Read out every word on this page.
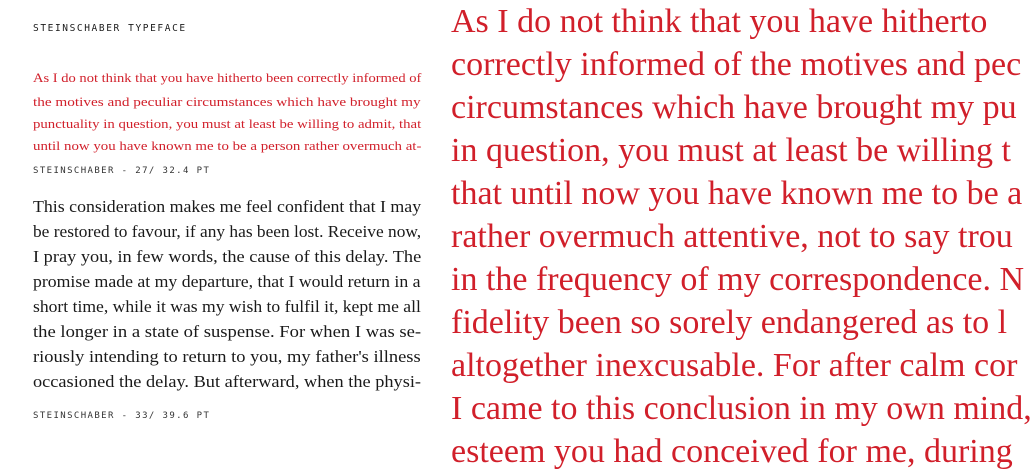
STEINSCHABER TYPEFACE
As I do not think that you have hitherto been correctly informed of
the motives and peculiar circumstances which have brought my
punctuality in question, you must at least be willing to admit, that
until now you have known me to be a person rather overmuch at-
STEINSCHABER - 27/ 32.4 PT
This consideration makes me feel confident that I may
be restored to favour, if any has been lost. Receive now,
I pray you, in few words, the cause of this delay. The
promise made at my departure, that I would return in a
short time, while it was my wish to fulfil it, kept me all
the longer in a state of suspense. For when I was se-
riously intending to return to you, my father's illness
occasioned the delay. But afterward, when the physi-
STEINSCHABER - 33/ 39.6 PT
As I do not think that you have hitherto
correctly informed of the motives and pec
circumstances which have brought my pu
in question, you must at least be willing t
that until now you have known me to be a
rather overmuch attentive, not to say trou
in the frequency of my correspondence. N
fidelity been so sorely endangered as to l
altogether inexcusable. For after calm cor
I came to this conclusion in my own mind,
esteem you had conceived for me, during
